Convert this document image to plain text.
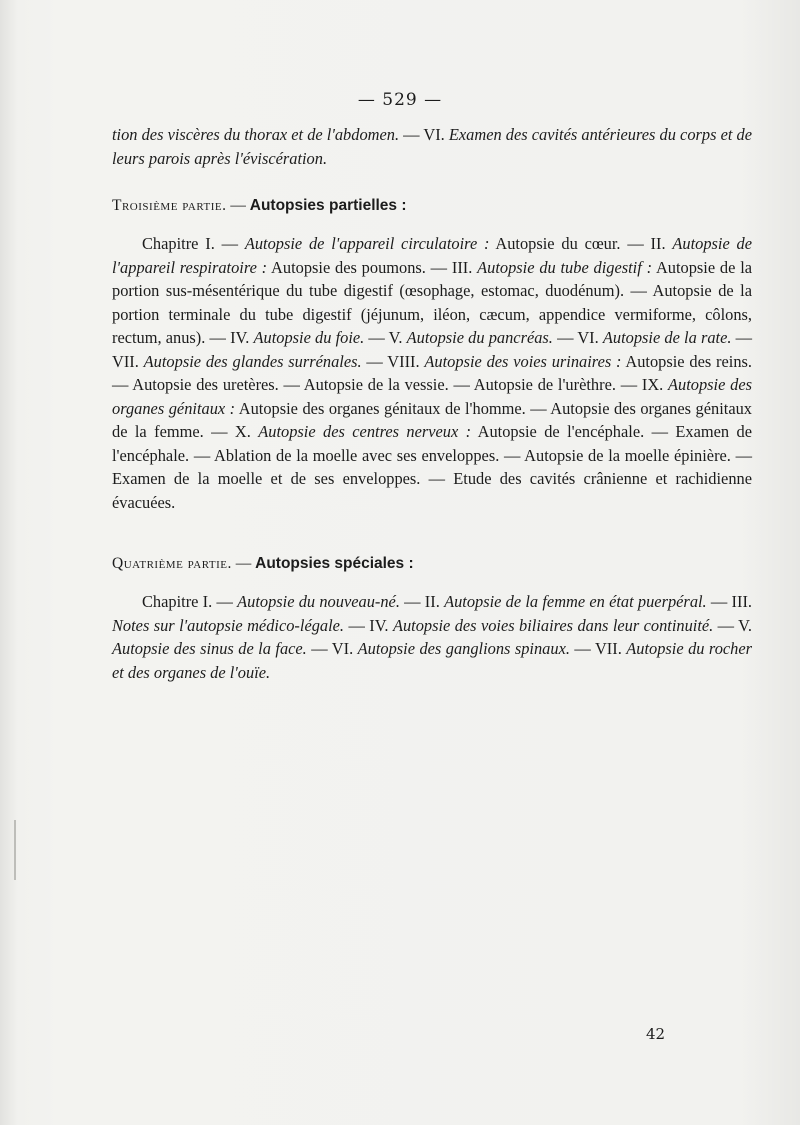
— 529 —

tion des viscères du thorax et de l'abdomen. — VI. Examen des cavités antérieures du corps et de leurs parois après l'éviscération.

Troisième partie. — Autopsies partielles :

Chapitre I. — Autopsie de l'appareil circulatoire : Autopsie du cœur. — II. Autopsie de l'appareil respiratoire : Autopsie des poumons. — III. Autopsie du tube digestif : Autopsie de la portion sus-mésentérique du tube digestif (œsophage, estomac, duodénum). — Autopsie de la portion terminale du tube digestif (jéjunum, iléon, cæcum, appendice vermiforme, côlons, rectum, anus). — IV. Autopsie du foie. — V. Autopsie du pancréas. — VI. Autopsie de la rate. — VII. Autopsie des glandes surrénales. — VIII. Autopsie des voies urinaires : Autopsie des reins. — Autopsie des uretères. — Autopsie de la vessie. — Autopsie de l'urèthre. — IX. Autopsie des organes génitaux : Autopsie des organes génitaux de l'homme. — Autopsie des organes génitaux de la femme. — X. Autopsie des centres nerveux : Autopsie de l'encéphale. — Examen de l'encéphale. — Ablation de la moelle avec ses enveloppes. — Autopsie de la moelle épinière. — Examen de la moelle et de ses enveloppes. — Etude des cavités crânienne et rachidienne évacuées.

Quatrième partie. — Autopsies spéciales :

Chapitre I. — Autopsie du nouveau-né. — II. Autopsie de la femme en état puerpéral. — III. Notes sur l'autopsie médico-légale. — IV. Autopsie des voies biliaires dans leur continuité. — V. Autopsie des sinus de la face. — VI. Autopsie des ganglions spinaux. — VII. Autopsie du rocher et des organes de l'ouïe.

42
